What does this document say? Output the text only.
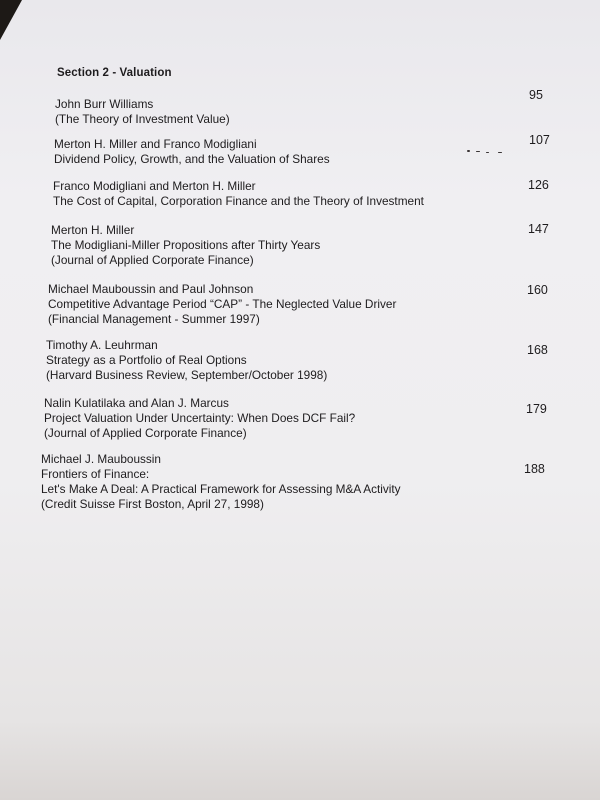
Section 2 - Valuation
John Burr Williams
(The Theory of Investment Value)
95
Merton H. Miller and Franco Modigliani
Dividend Policy, Growth, and the Valuation of Shares
107
Franco Modigliani and Merton H. Miller
The Cost of Capital, Corporation Finance and the Theory of Investment
126
Merton H. Miller
The Modigliani-Miller Propositions after Thirty Years
(Journal of Applied Corporate Finance)
147
Michael Mauboussin and Paul Johnson
Competitive Advantage Period “CAP” - The Neglected Value Driver
(Financial Management - Summer 1997)
160
Timothy A. Leuhrman
Strategy as a Portfolio of Real Options
(Harvard Business Review, September/October 1998)
168
Nalin Kulatilaka and Alan J. Marcus
Project Valuation Under Uncertainty: When Does DCF Fail?
(Journal of Applied Corporate Finance)
179
Michael J. Mauboussin
Frontiers of Finance:
Let's Make A Deal: A Practical Framework for Assessing M&A Activity
(Credit Suisse First Boston, April 27, 1998)
188
